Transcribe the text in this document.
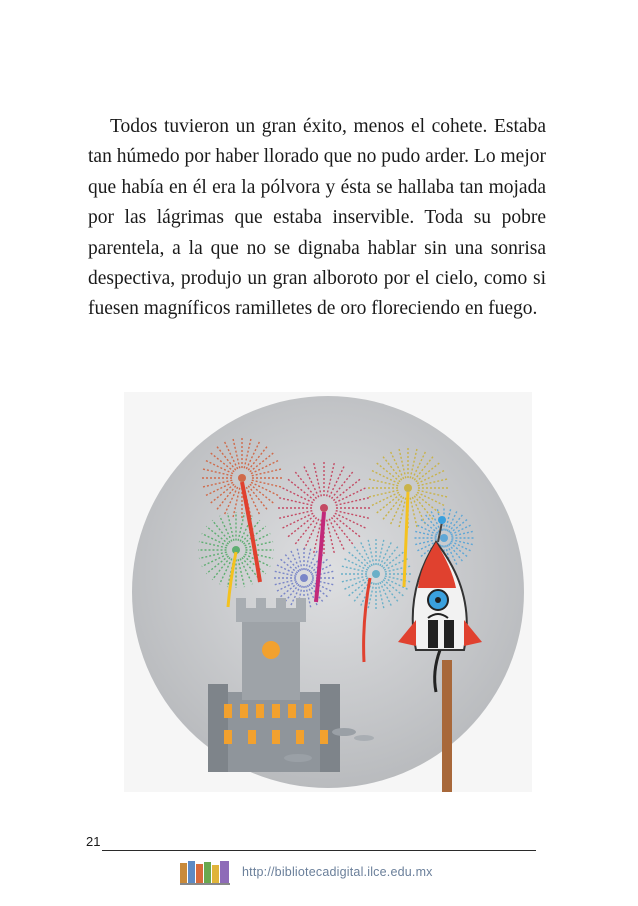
Todos tuvieron un gran éxito, menos el cohete. Estaba tan húmedo por haber llorado que no pudo arder. Lo mejor que había en él era la pólvora y ésta se hallaba tan mojada por las lágrimas que estaba inservible. Toda su pobre parentela, a la que no se dignaba hablar sin una sonrisa despectiva, produjo un gran alboroto por el cielo, como si fuesen magníficos ramilletes de oro floreciendo en fuego.

21
http://bibliotecadigital.ilce.edu.mx
